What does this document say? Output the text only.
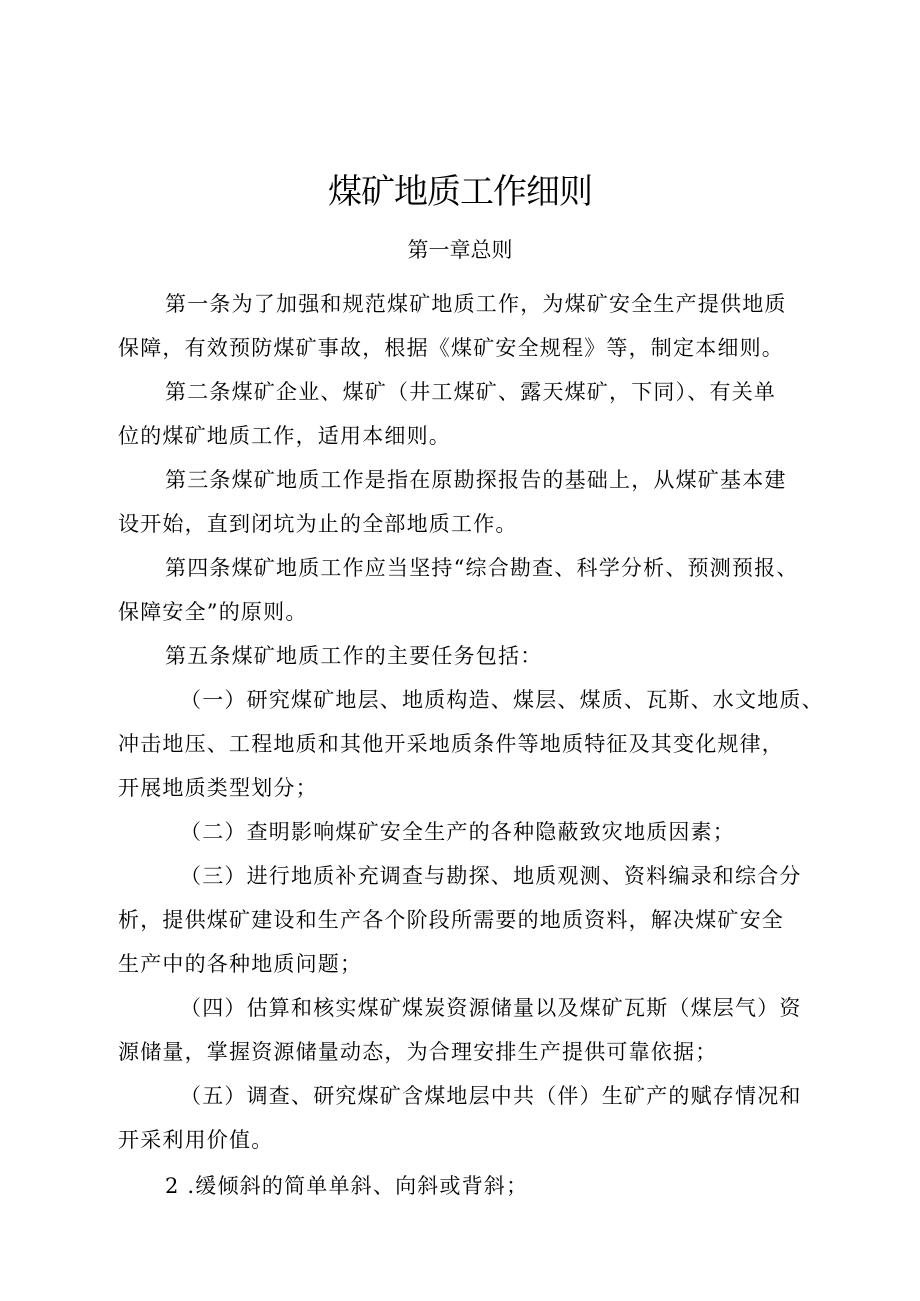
煤矿地质工作细则
第一章总则
第一条为了加强和规范煤矿地质工作，为煤矿安全生产提供地质
保障，有效预防煤矿事故，根据《煤矿安全规程》等，制定本细则。
第二条煤矿企业、煤矿（井工煤矿、露天煤矿，下同）、有关单
位的煤矿地质工作，适用本细则。
第三条煤矿地质工作是指在原勘探报告的基础上，从煤矿基本建
设开始，直到闭坑为止的全部地质工作。
第四条煤矿地质工作应当坚持“综合勘查、科学分析、预测预报、
保障安全”的原则。
第五条煤矿地质工作的主要任务包括：
（一）研究煤矿地层、地质构造、煤层、煤质、瓦斯、水文地质、
冲击地压、工程地质和其他开采地质条件等地质特征及其变化规律，
开展地质类型划分；
（二）查明影响煤矿安全生产的各种隐蔽致灾地质因素；
（三）进行地质补充调查与勘探、地质观测、资料编录和综合分
析，提供煤矿建设和生产各个阶段所需要的地质资料，解决煤矿安全
生产中的各种地质问题；
（四）估算和核实煤矿煤炭资源储量以及煤矿瓦斯（煤层气）资
源储量，掌握资源储量动态，为合理安排生产提供可靠依据；
（五）调查、研究煤矿含煤地层中共（伴）生矿产的赋存情况和
开采利用价值。
2 .缓倾斜的简单单斜、向斜或背斜；
